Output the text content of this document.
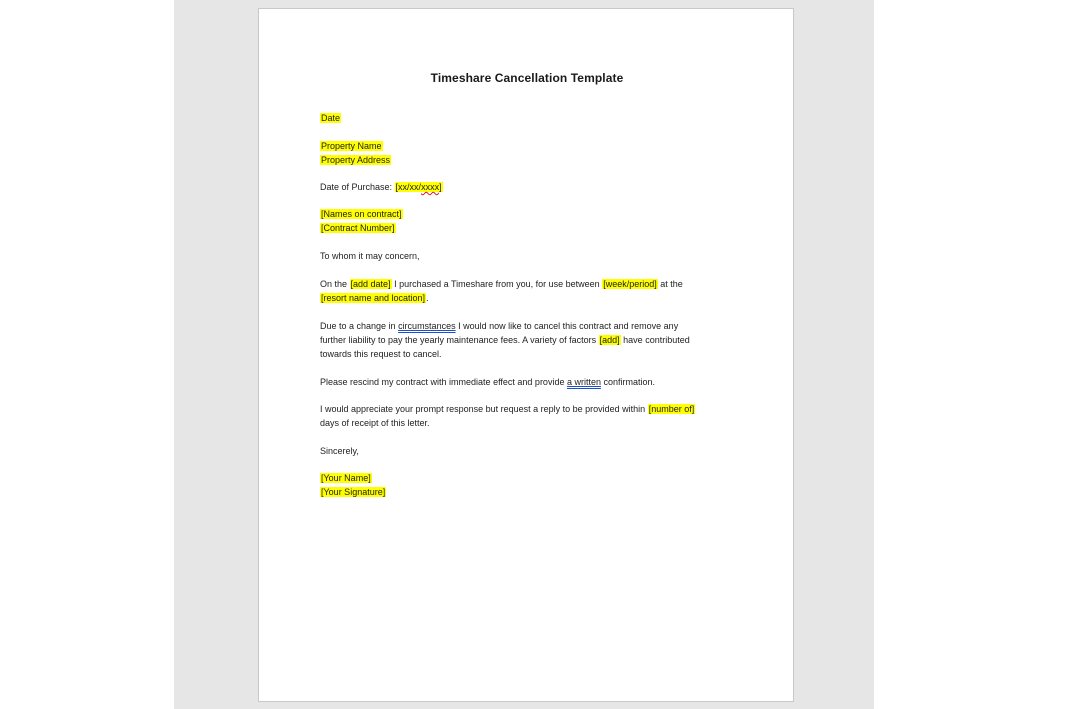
Timeshare Cancellation Template
Date
Property Name
Property Address
Date of Purchase: [xx/xx/xxxx]
[Names on contract]
[Contract Number]
To whom it may concern,
On the [add date] I purchased a Timeshare from you, for use between [week/period] at the
[resort name and location].
Due to a change in circumstances I would now like to cancel this contract and remove any
further liability to pay the yearly maintenance fees. A variety of factors [add] have contributed
towards this request to cancel.
Please rescind my contract with immediate effect and provide a written confirmation.
I would appreciate your prompt response but request a reply to be provided within [number of]
days of receipt of this letter.
Sincerely,
[Your Name]
[Your Signature]
